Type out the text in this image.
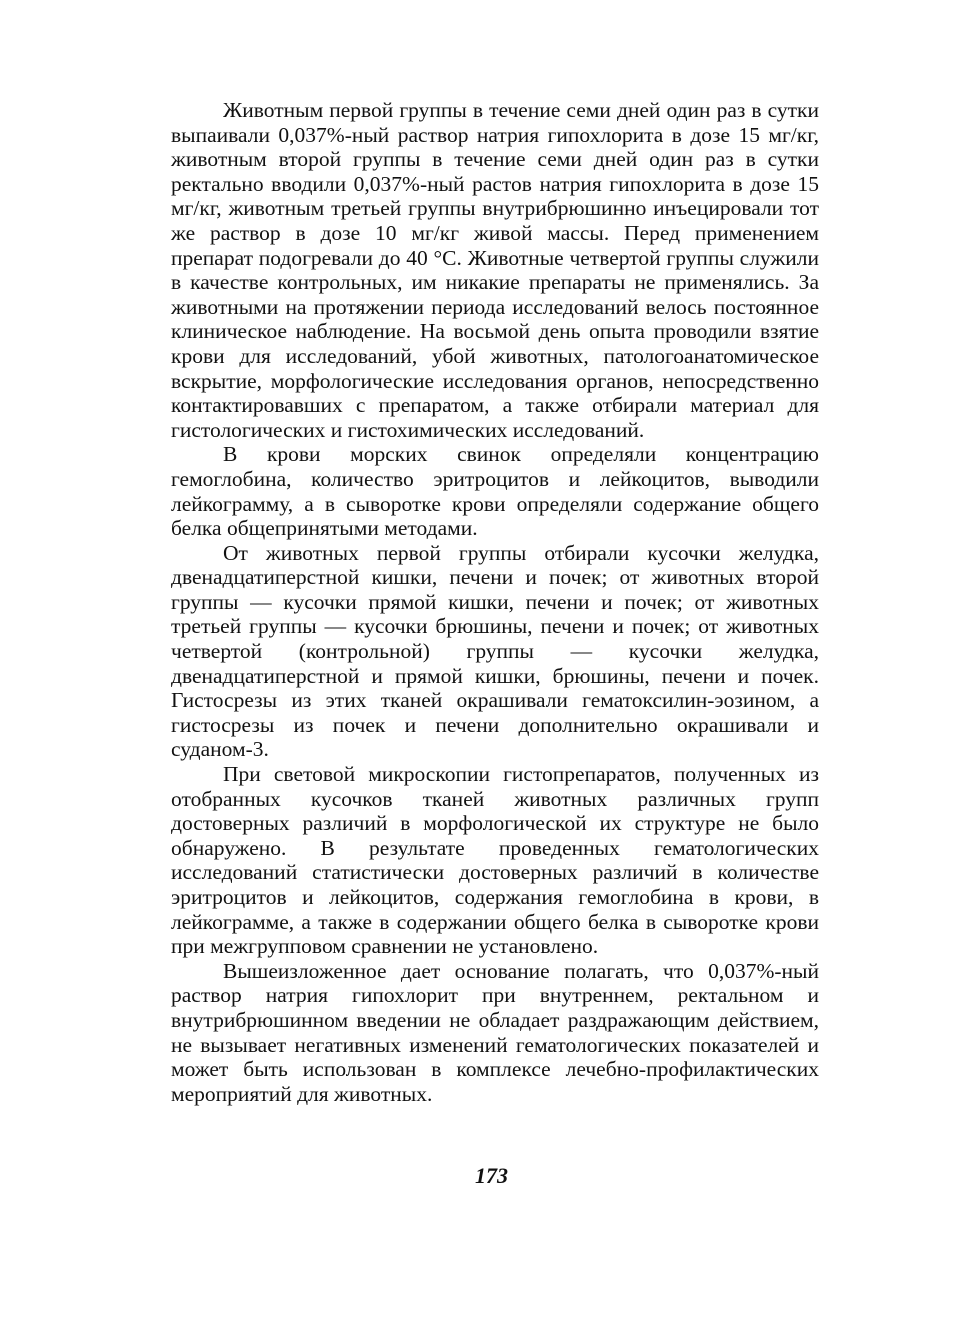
Животным первой группы в течение семи дней один раз в сутки выпаивали 0,037%-ный раствор натрия гипохлорита в дозе 15 мг/кг, животным второй группы в течение семи дней один раз в сутки ректально вводили 0,037%-ный растов натрия гипохлорита в дозе 15 мг/кг, животным третьей группы внутрибрюшинно инъецировали тот же раствор в дозе 10 мг/кг живой массы. Перед применением препарат подогревали до 40 °С. Животные четвертой группы служили в качестве контрольных, им никакие препараты не применялись. За животными на протяжении периода исследований велось постоянное клиническое наблюдение. На восьмой день опыта проводили взятие крови для исследований, убой животных, патологоанатомическое вскрытие, морфологические исследования органов, непосредственно контактировавших с препаратом, а также отбирали материал для гистологических и гистохимических исследований.

В крови морских свинок определяли концентрацию гемоглобина, количество эритроцитов и лейкоцитов, выводили лейкограмму, а в сыворотке крови определяли содержание общего белка общепринятыми методами.

От животных первой группы отбирали кусочки желудка, двенадцатиперстной кишки, печени и почек; от животных второй группы — кусочки прямой кишки, печени и почек; от животных третьей группы — кусочки брюшины, печени и почек; от животных четвертой (контрольной) группы — кусочки желудка, двенадцатиперстной и прямой кишки, брюшины, печени и почек. Гистосрезы из этих тканей окрашивали гематоксилин-эозином, а гистосрезы из почек и печени дополнительно окрашивали и суданом-3.

При световой микроскопии гистопрепаратов, полученных из отобранных кусочков тканей животных различных групп достоверных различий в морфологической их структуре не было обнаружено. В результате проведенных гематологических исследований статистически достоверных различий в количестве эритроцитов и лейкоцитов, содержания гемоглобина в крови, в лейкограмме, а также в содержании общего белка в сыворотке крови при межгрупповом сравнении не установлено.

Вышеизложенное дает основание полагать, что 0,037%-ный раствор натрия гипохлорит при внутреннем, ректальном и внутрибрюшинном введении не обладает раздражающим действием, не вызывает негативных изменений гематологических показателей и может быть использован в комплексе лечебно-профилактических мероприятий для животных.

173
